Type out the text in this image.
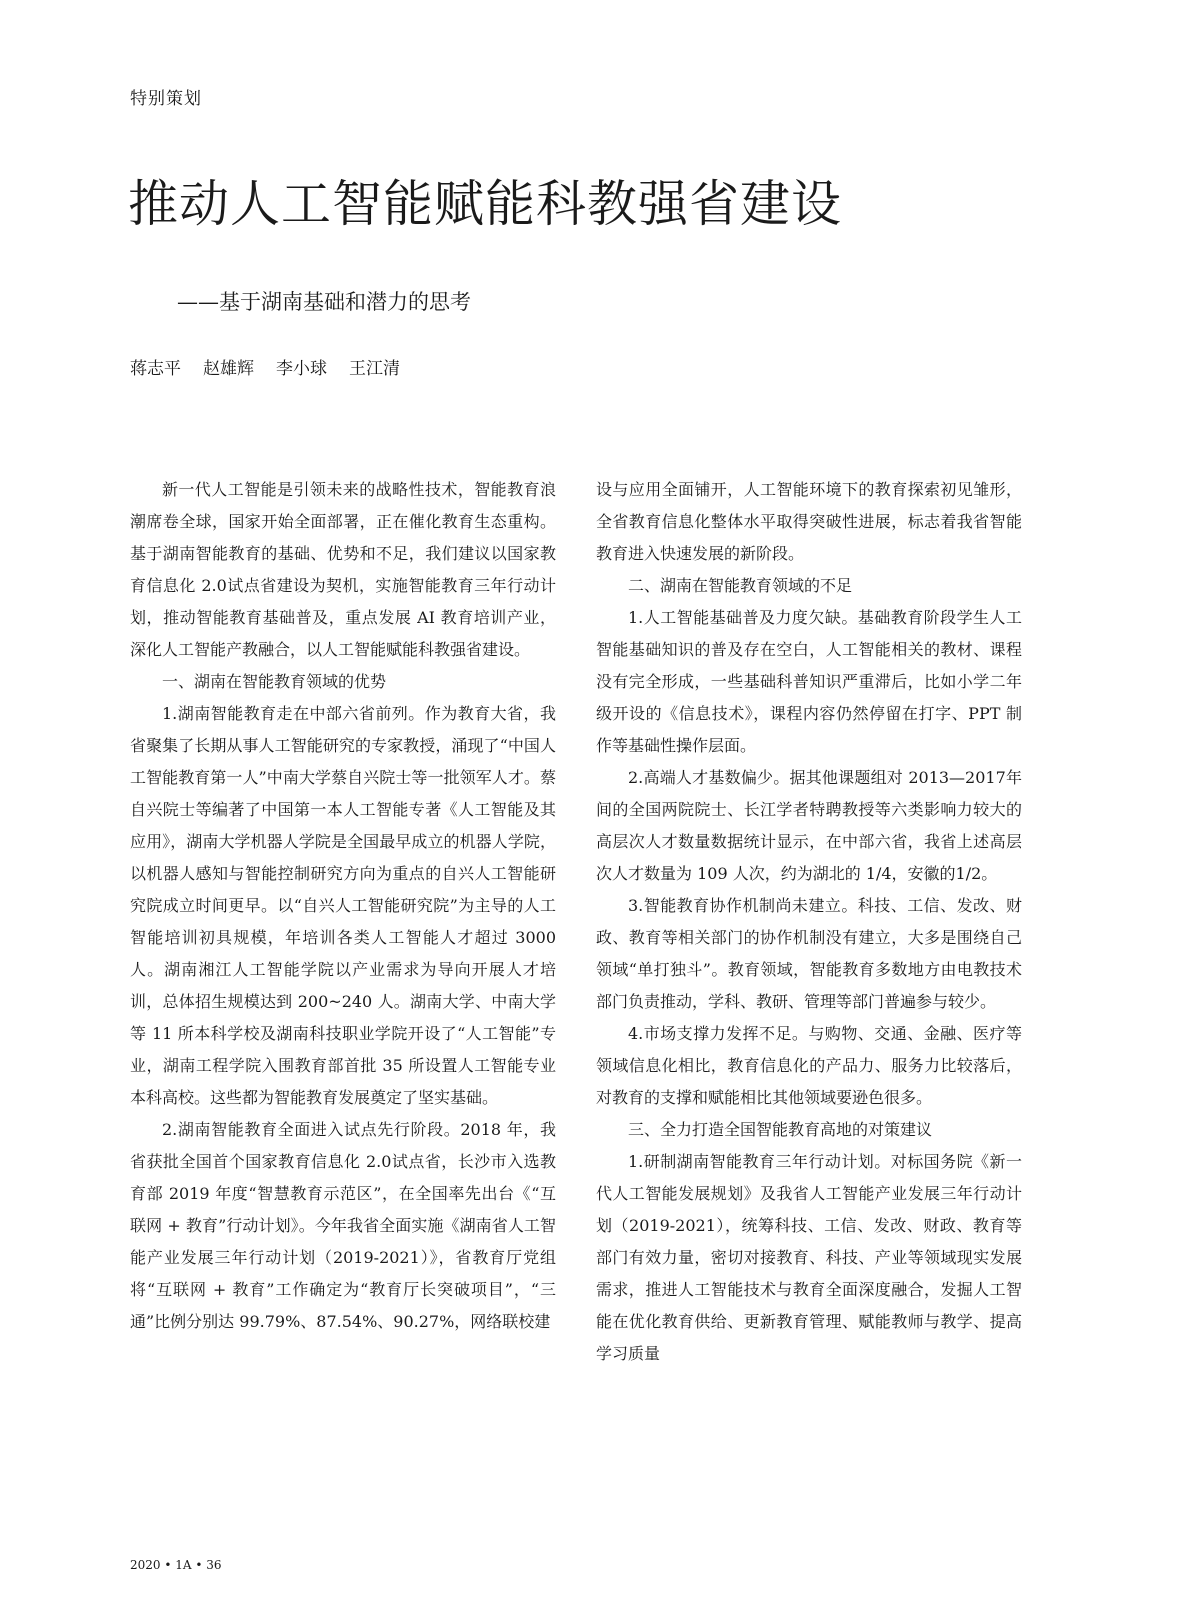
特别策划
推动人工智能赋能科教强省建设
——基于湖南基础和潜力的思考
蒋志平 赵雄辉 李小球 王江清

新一代人工智能是引领未来的战略性技术，智能教育浪潮席卷全球，国家开始全面部署，正在催化教育生态重构。基于湖南智能教育的基础、优势和不足，我们建议以国家教育信息化 2.0试点省建设为契机，实施智能教育三年行动计划，推动智能教育基础普及，重点发展 AI 教育培训产业，深化人工智能产教融合，以人工智能赋能科教强省建设。

一、湖南在智能教育领域的优势

1.湖南智能教育走在中部六省前列。作为教育大省，我省聚集了长期从事人工智能研究的专家教授，涌现了“中国人工智能教育第一人”中南大学蔡自兴院士等一批领军人才。蔡自兴院士等编著了中国第一本人工智能专著《人工智能及其应用》，湖南大学机器人学院是全国最早成立的机器人学院，以机器人感知与智能控制研究方向为重点的自兴人工智能研究院成立时间更早。以“自兴人工智能研究院”为主导的人工智能培训初具规模，年培训各类人工智能人才超过 3000 人。湖南湘江人工智能学院以产业需求为导向开展人才培训，总体招生规模达到 200~240 人。湖南大学、中南大学等 11 所本科学校及湖南科技职业学院开设了“人工智能”专业，湖南工程学院入围教育部首批 35 所设置人工智能专业本科高校。这些都为智能教育发展奠定了坚实基础。

2.湖南智能教育全面进入试点先行阶段。2018 年，我省获批全国首个国家教育信息化 2.0试点省，长沙市入选教育部 2019 年度“智慧教育示范区”，在全国率先出台《“互联网 + 教育”行动计划》。今年我省全面实施《湖南省人工智能产业发展三年行动计划（2019-2021）》，省教育厅党组将“互联网 + 教育”工作确定为“教育厅长突破项目”，“三通”比例分别达 99.79%、87.54%、90.27%，网络联校建

设与应用全面铺开，人工智能环境下的教育探索初见雏形，全省教育信息化整体水平取得突破性进展，标志着我省智能教育进入快速发展的新阶段。

二、湖南在智能教育领域的不足

1.人工智能基础普及力度欠缺。基础教育阶段学生人工智能基础知识的普及存在空白，人工智能相关的教材、课程没有完全形成，一些基础科普知识严重滞后，比如小学二年级开设的《信息技术》，课程内容仍然停留在打字、PPT 制作等基础性操作层面。

2.高端人才基数偏少。据其他课题组对 2013—2017年间的全国两院院士、长江学者特聘教授等六类影响力较大的高层次人才数量数据统计显示，在中部六省，我省上述高层次人才数量为 109 人次，约为湖北的 1/4，安徽的1/2。

3.智能教育协作机制尚未建立。科技、工信、发改、财政、教育等相关部门的协作机制没有建立，大多是围绕自己领域“单打独斗”。教育领域，智能教育多数地方由电教技术部门负责推动，学科、教研、管理等部门普遍参与较少。

4.市场支撑力发挥不足。与购物、交通、金融、医疗等领域信息化相比，教育信息化的产品力、服务力比较落后，对教育的支撑和赋能相比其他领域要逊色很多。

三、全力打造全国智能教育高地的对策建议

1.研制湖南智能教育三年行动计划。对标国务院《新一代人工智能发展规划》及我省人工智能产业发展三年行动计划（2019-2021），统筹科技、工信、发改、财政、教育等部门有效力量，密切对接教育、科技、产业等领域现实发展需求，推进人工智能技术与教育全面深度融合，发掘人工智能在优化教育供给、更新教育管理、赋能教师与教学、提高学习质量

2020 • 1A • 36
